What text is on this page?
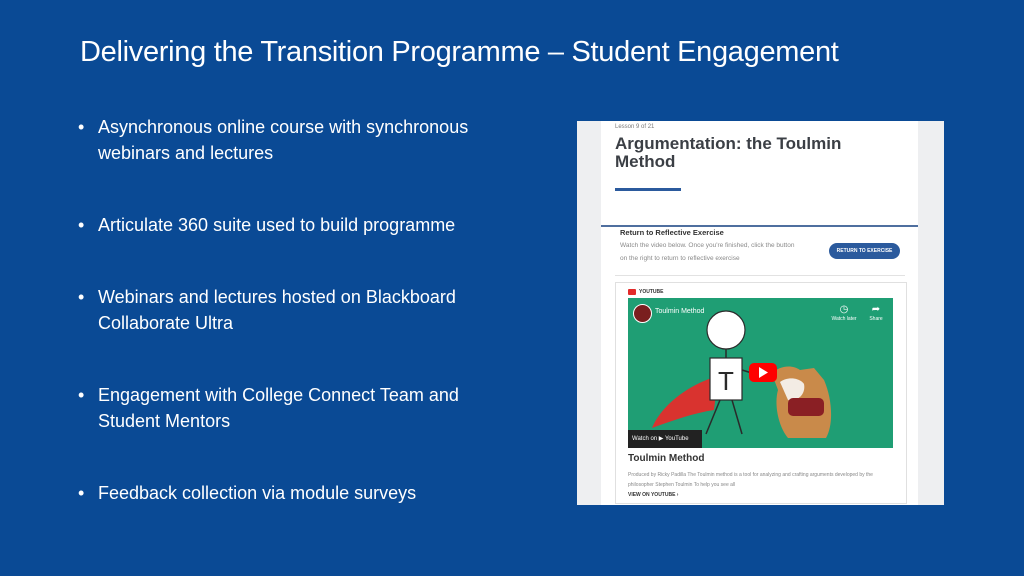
Delivering the Transition Programme – Student Engagement
• Asynchronous online course with synchronous webinars and lectures
• Articulate 360 suite used to build programme
• Webinars and lectures hosted on Blackboard Collaborate Ultra
• Engagement with College Connect Team and Student Mentors
• Feedback collection via module surveys
Lesson 9 of 21
Argumentation: the Toulmin Method
Return to Reflective Exercise
Watch the video below. Once you're finished, click the button on the right to return to reflective exercise
RETURN TO EXERCISE
YOUTUBE
Toulmin Method	◷
Watch later
➦
Share
T
Watch on ▶ YouTube
Toulmin Method
Produced by Ricky Padilla The Toulmin method is a tool for analyzing and crafting arguments developed by the philosopher Stephen Toulmin To help you see all
VIEW ON YOUTUBE ›
